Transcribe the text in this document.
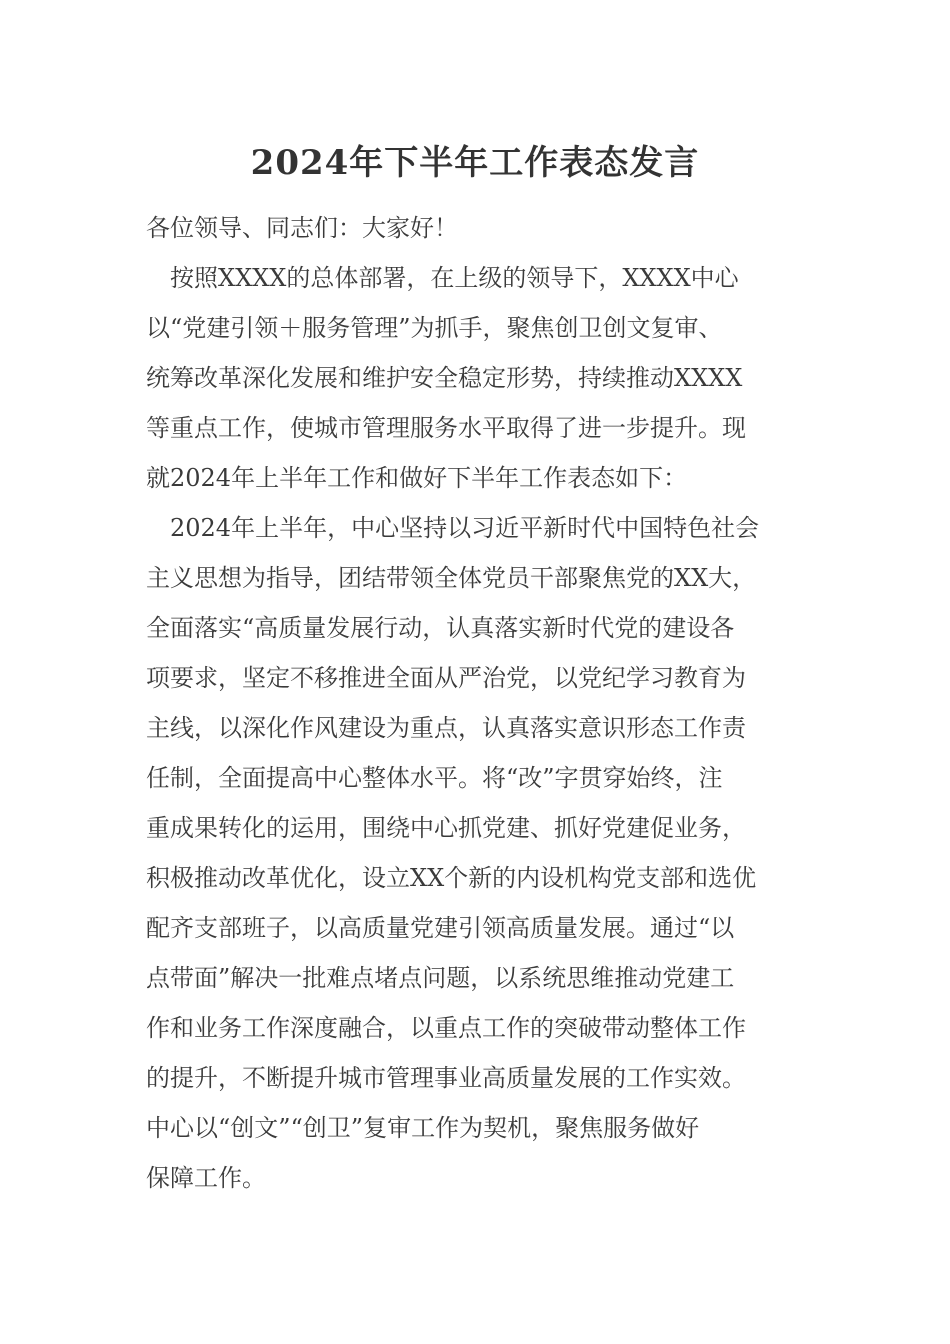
2024年下半年工作表态发言
各位领导、同志们：大家好！
按照XXXX的总体部署，在上级的领导下，XXXX中心
以“党建引领＋服务管理”为抓手，聚焦创卫创文复审、
统筹改革深化发展和维护安全稳定形势，持续推动XXXX
等重点工作，使城市管理服务水平取得了进一步提升。现
就2024年上半年工作和做好下半年工作表态如下：
2024年上半年，中心坚持以习近平新时代中国特色社会
主义思想为指导，团结带领全体党员干部聚焦党的XX大，
全面落实“高质量发展行动，认真落实新时代党的建设各
项要求，坚定不移推进全面从严治党，以党纪学习教育为
主线，以深化作风建设为重点，认真落实意识形态工作责
任制，全面提高中心整体水平。将“改”字贯穿始终，注
重成果转化的运用，围绕中心抓党建、抓好党建促业务，
积极推动改革优化，设立XX个新的内设机构党支部和选优
配齐支部班子，以高质量党建引领高质量发展。通过“以
点带面”解决一批难点堵点问题，以系统思维推动党建工
作和业务工作深度融合，以重点工作的突破带动整体工作
的提升，不断提升城市管理事业高质量发展的工作实效。
中心以“创文”“创卫”复审工作为契机，聚焦服务做好
保障工作。
